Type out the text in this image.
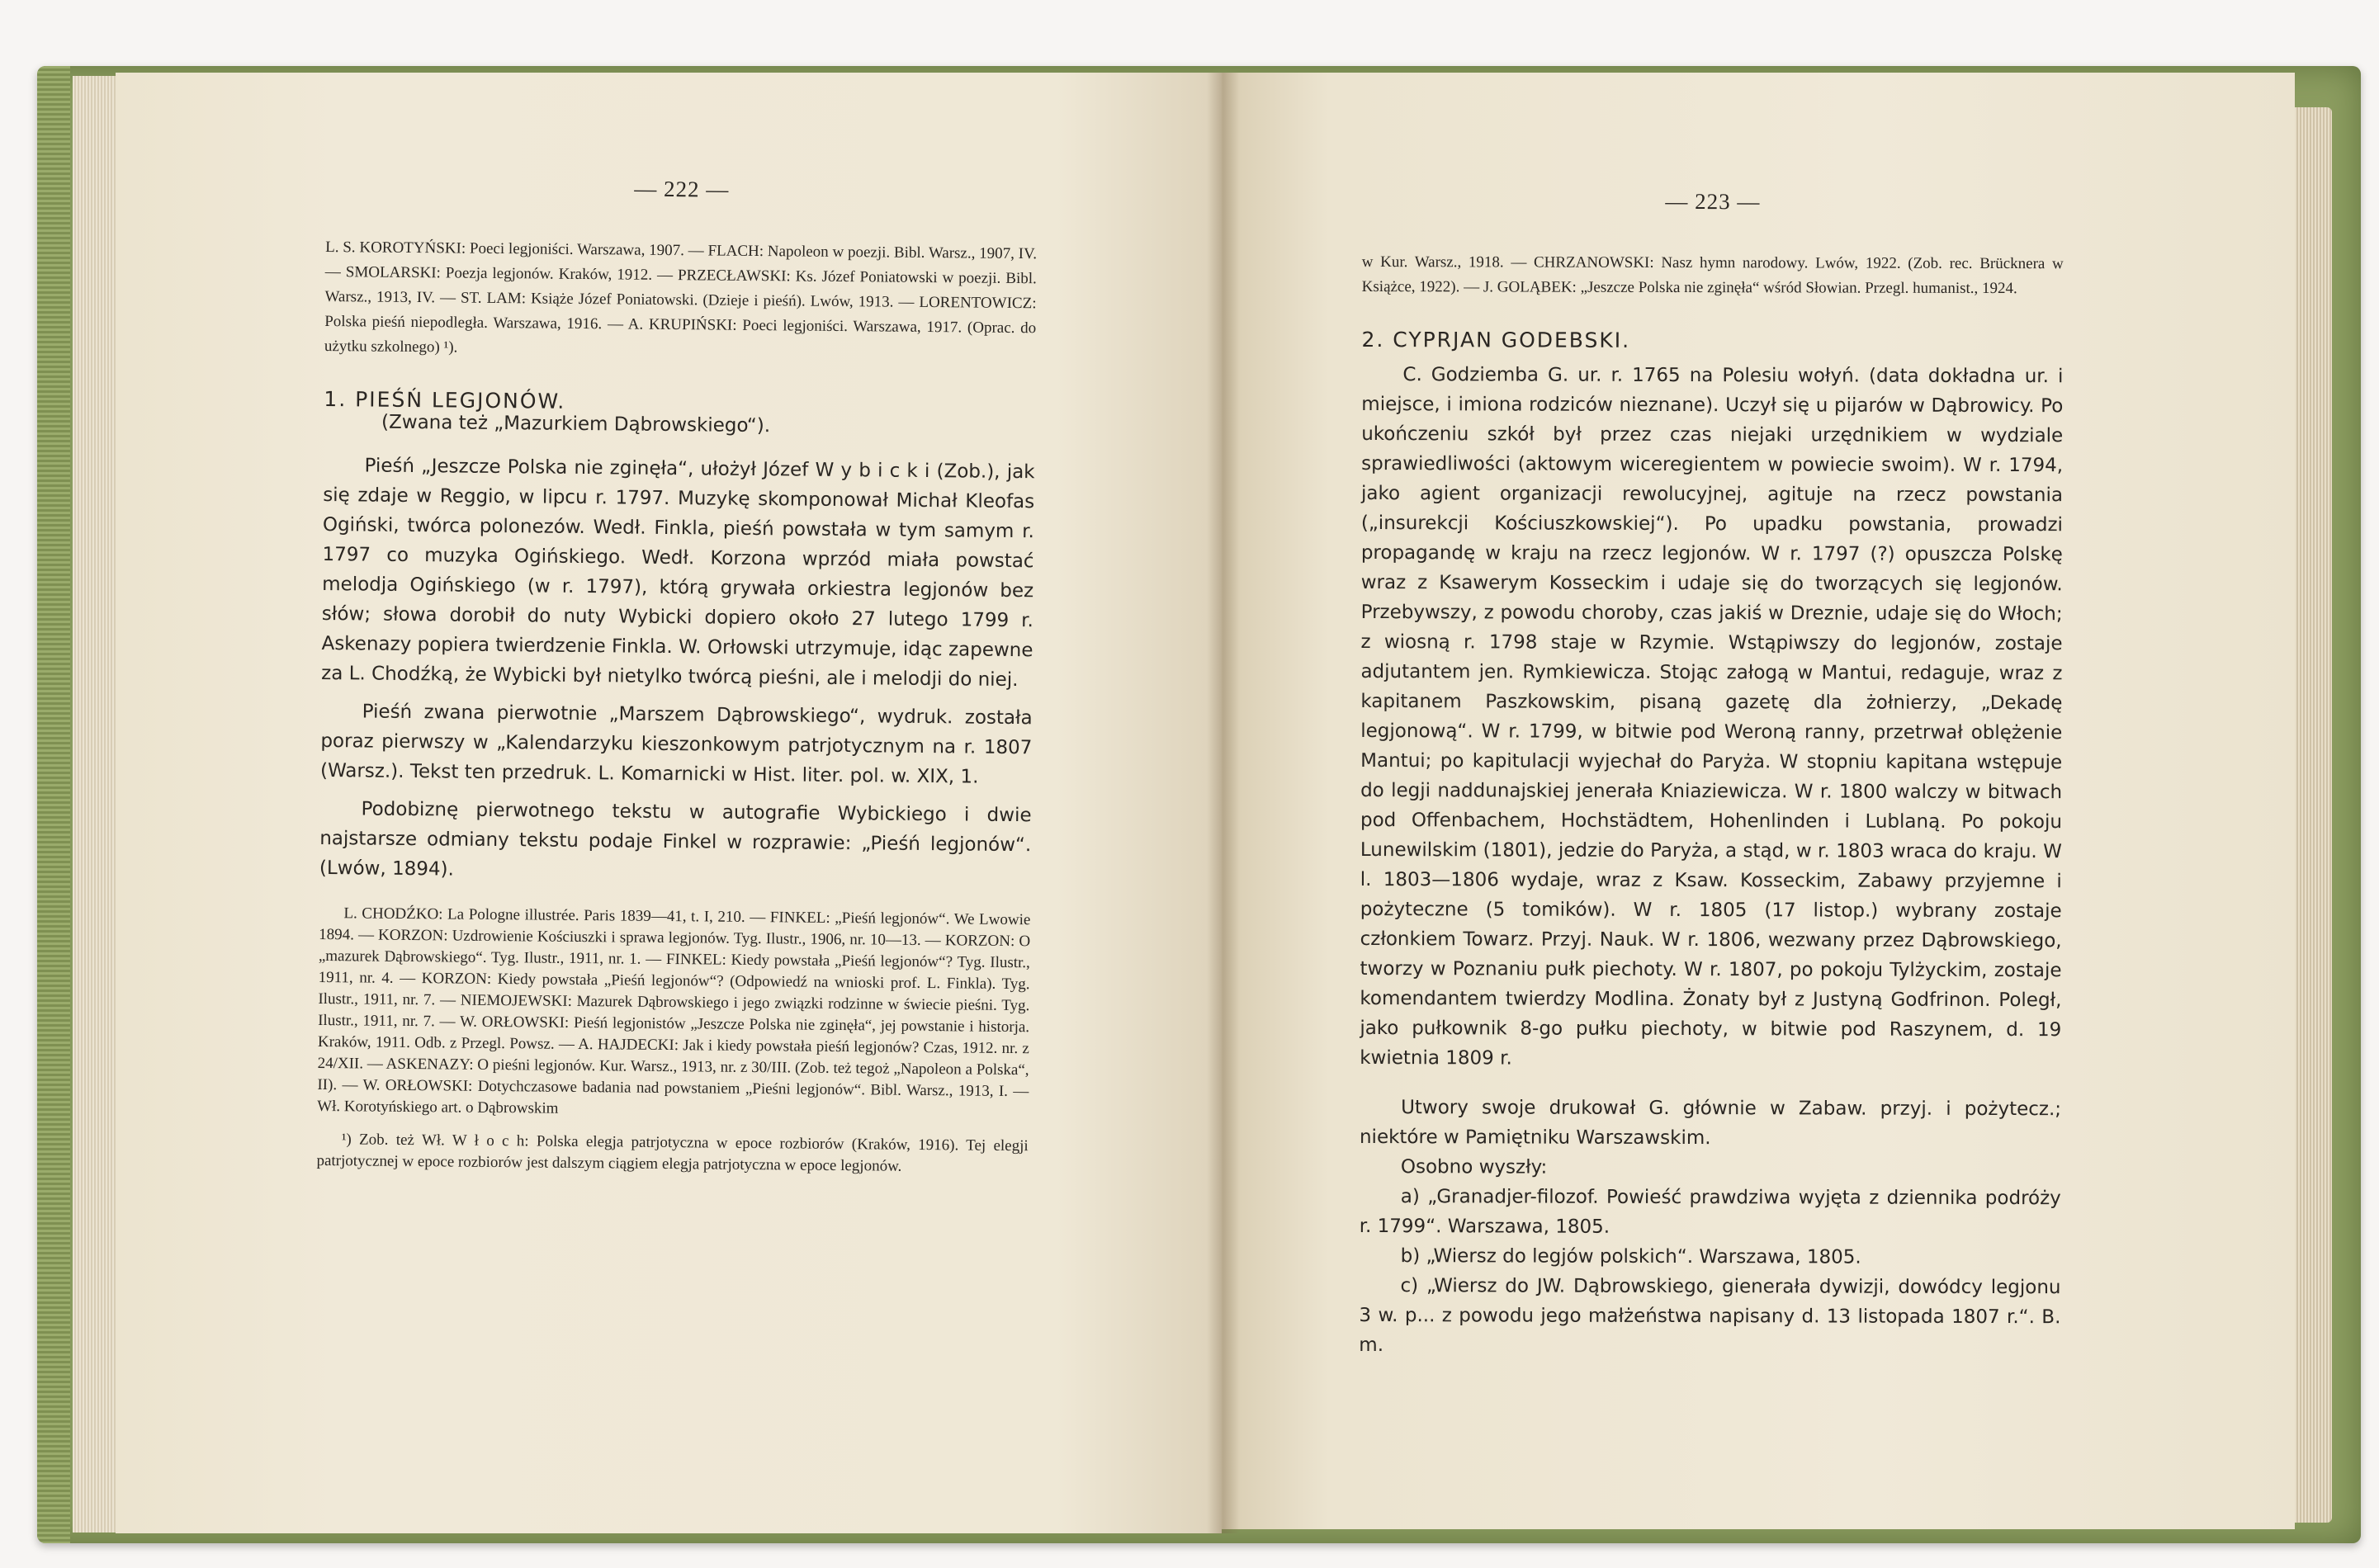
— 222 —

L. S. KOROTYŃSKI: Poeci legjoniści. Warszawa, 1907. — FLACH: Napoleon w poezji. Bibl. Warsz., 1907, IV. — SMOLARSKI: Poezja legjonów. Kraków, 1912. — PRZECŁAWSKI: Ks. Józef Poniatowski w poezji. Bibl. Warsz., 1913, IV. — ST. LAM: Książe Józef Poniatowski. (Dzieje i pieśń). Lwów, 1913. — LORENTOWICZ: Polska pieśń niepodległa. Warszawa, 1916. — A. KRUPIŃSKI: Poeci legjoniści. Warszawa, 1917. (Oprac. do użytku szkolnego) ¹).

1. PIEŚŃ LEGJONÓW.

(Zwana też „Mazurkiem Dąbrowskiego“).

Pieśń „Jeszcze Polska nie zginęła“, ułożył Józef W y b i c k i (Zob.), jak się zdaje w Reggio, w lipcu r. 1797. Muzykę skomponował Michał Kleofas Ogiński, twórca polonezów. Wedł. Finkla, pieśń powstała w tym samym r. 1797 co muzyka Ogińskiego. Wedł. Korzona wprzód miała powstać melodja Ogińskiego (w r. 1797), którą grywała orkiestra legjonów bez słów; słowa dorobił do nuty Wybicki dopiero około 27 lutego 1799 r. Askenazy popiera twierdzenie Finkla. W. Orłowski utrzymuje, idąc zapewne za L. Chodźką, że Wybicki był nietylko twórcą pieśni, ale i melodji do niej.

Pieśń zwana pierwotnie „Marszem Dąbrowskiego“, wydruk. została poraz pierwszy w „Kalendarzyku kieszonkowym patrjotycznym na r. 1807 (Warsz.). Tekst ten przedruk. L. Komarnicki w Hist. liter. pol. w. XIX, 1.

Podobiznę pierwotnego tekstu w autografie Wybickiego i dwie najstarsze odmiany tekstu podaje Finkel w rozprawie: „Pieśń legjonów“. (Lwów, 1894).

L. CHODŹKO: La Pologne illustrée. Paris 1839—41, t. I, 210. — FINKEL: „Pieśń legjonów“. We Lwowie 1894. — KORZON: Uzdrowienie Kościuszki i sprawa legjonów. Tyg. Ilustr., 1906, nr. 10—13. — KORZON: O „mazurek Dąbrowskiego“. Tyg. Ilustr., 1911, nr. 1. — FINKEL: Kiedy powstała „Pieśń legjonów“? Tyg. Ilustr., 1911, nr. 4. — KORZON: Kiedy powstała „Pieśń legjonów“? (Odpowiedź na wnioski prof. L. Finkla). Tyg. Ilustr., 1911, nr. 7. — NIEMOJEWSKI: Mazurek Dąbrowskiego i jego związki rodzinne w świecie pieśni. Tyg. Ilustr., 1911, nr. 7. — W. ORŁOWSKI: Pieśń legjonistów „Jeszcze Polska nie zginęła“, jej powstanie i historja. Kraków, 1911. Odb. z Przegl. Powsz. — A. HAJDECKI: Jak i kiedy powstała pieśń legjonów? Czas, 1912. nr. z 24/XII. — ASKENAZY: O pieśni legjonów. Kur. Warsz., 1913, nr. z 30/III. (Zob. też tegoż „Napoleon a Polska“, II). — W. ORŁOWSKI: Dotychczasowe badania nad powstaniem „Pieśni legjonów“. Bibl. Warsz., 1913, I. — Wł. Korotyńskiego art. o Dąbrowskim

¹) Zob. też Wł. W ł o c h: Polska elegja patrjotyczna w epoce rozbiorów (Kraków, 1916). Tej elegji patrjotycznej w epoce rozbiorów jest dalszym ciągiem elegja patrjotyczna w epoce legjonów.

— 223 —

w Kur. Warsz., 1918. — CHRZANOWSKI: Nasz hymn narodowy. Lwów, 1922. (Zob. rec. Brücknera w Książce, 1922). — J. GOLĄBEK: „Jeszcze Polska nie zginęła“ wśród Słowian. Przegl. humanist., 1924.

2. CYPRJAN GODEBSKI.

C. Godziemba G. ur. r. 1765 na Polesiu wołyń. (data dokładna ur. i miejsce, i imiona rodziców nieznane). Uczył się u pijarów w Dąbrowicy. Po ukończeniu szkół był przez czas niejaki urzędnikiem w wydziale sprawiedliwości (aktowym wiceregientem w powiecie swoim). W r. 1794, jako agient organizacji rewolucyjnej, agituje na rzecz powstania („insurekcji Kościuszkowskiej“). Po upadku powstania, prowadzi propagandę w kraju na rzecz legjonów. W r. 1797 (?) opuszcza Polskę wraz z Ksawerym Kosseckim i udaje się do tworzących się legjonów. Przebywszy, z powodu choroby, czas jakiś w Dreznie, udaje się do Włoch; z wiosną r. 1798 staje w Rzymie. Wstąpiwszy do legjonów, zostaje adjutantem jen. Rymkiewicza. Stojąc załogą w Mantui, redaguje, wraz z kapitanem Paszkowskim, pisaną gazetę dla żołnierzy, „Dekadę legjonową“. W r. 1799, w bitwie pod Weroną ranny, przetrwał oblężenie Mantui; po kapitulacji wyjechał do Paryża. W stopniu kapitana wstępuje do legji naddunajskiej jenerała Kniaziewicza. W r. 1800 walczy w bitwach pod Offenbachem, Hochstädtem, Hohenlinden i Lublaną. Po pokoju Lunewilskim (1801), jedzie do Paryża, a stąd, w r. 1803 wraca do kraju. W l. 1803—1806 wydaje, wraz z Ksaw. Kosseckim, Zabawy przyjemne i pożyteczne (5 tomików). W r. 1805 (17 listop.) wybrany zostaje członkiem Towarz. Przyj. Nauk. W r. 1806, wezwany przez Dąbrowskiego, tworzy w Poznaniu pułk piechoty. W r. 1807, po pokoju Tylżyckim, zostaje komendantem twierdzy Modlina. Żonaty był z Justyną Godfrinon. Poległ, jako pułkownik 8-go pułku piechoty, w bitwie pod Raszynem, d. 19 kwietnia 1809 r.

Utwory swoje drukował G. głównie w Zabaw. przyj. i pożytecz.; niektóre w Pamiętniku Warszawskim.

Osobno wyszły:

a) „Granadjer-filozof. Powieść prawdziwa wyjęta z dziennika podróży r. 1799“. Warszawa, 1805.

b) „Wiersz do legjów polskich“. Warszawa, 1805.

c) „Wiersz do JW. Dąbrowskiego, gienerała dywizji, dowódcy legjonu 3 w. p... z powodu jego małżeństwa napisany d. 13 listopada 1807 r.“. B. m.
